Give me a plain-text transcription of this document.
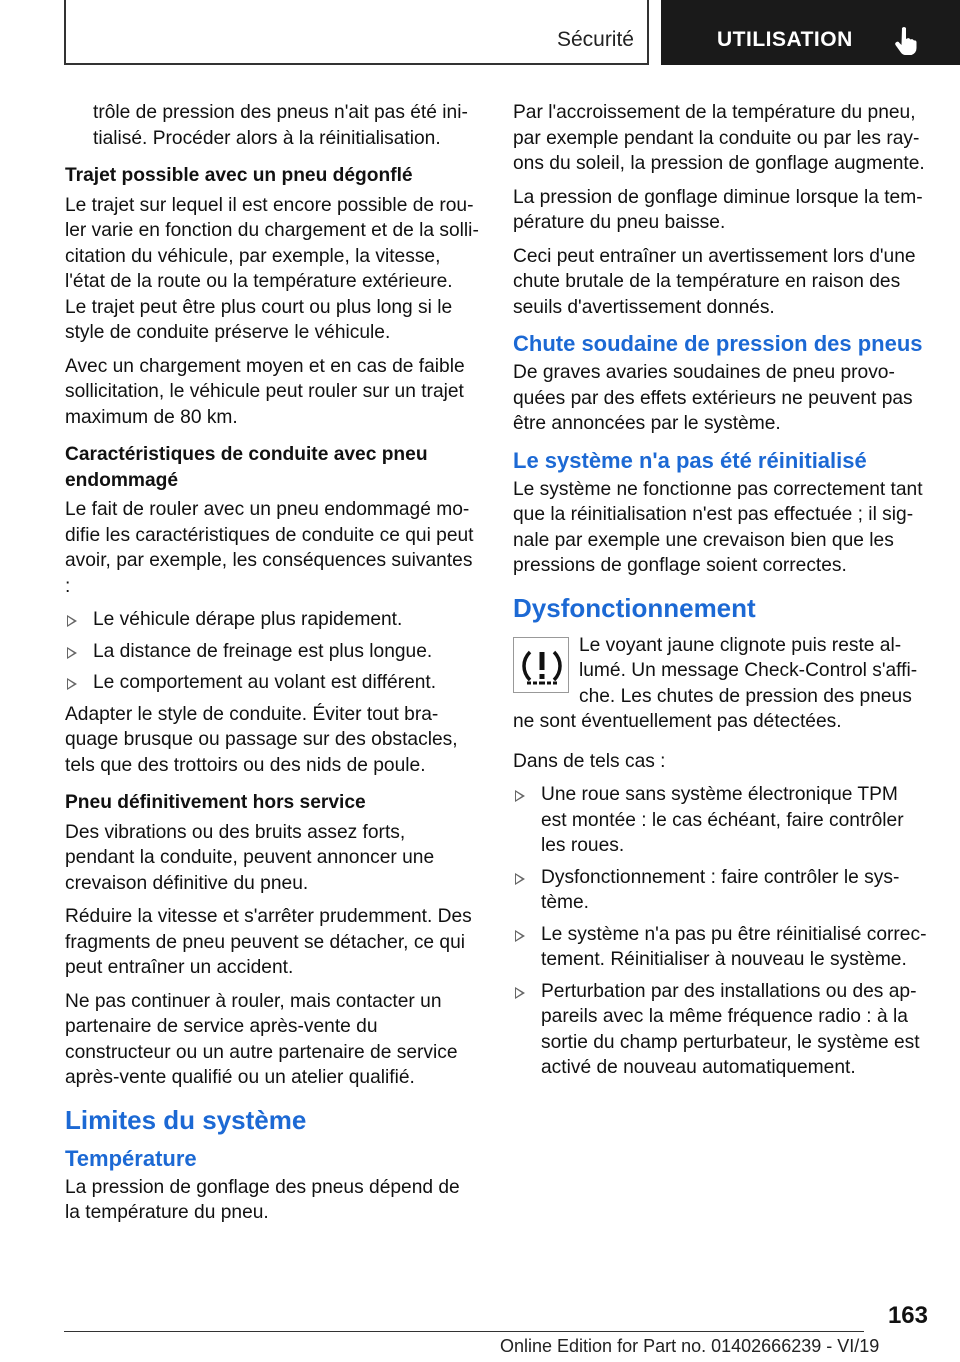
Sécurité	UTILISATION

trôle de pression des pneus n'ait pas été initialisé. Procéder alors à la réinitialisation.

Trajet possible avec un pneu dégonflé

Le trajet sur lequel il est encore possible de rouler varie en fonction du chargement et de la sollicitation du véhicule, par exemple, la vitesse, l'état de la route ou la température extérieure. Le trajet peut être plus court ou plus long si le style de conduite préserve le véhicule.

Avec un chargement moyen et en cas de faible sollicitation, le véhicule peut rouler sur un trajet maximum de 80 km.

Caractéristiques de conduite avec pneu endommagé

Le fait de rouler avec un pneu endommagé modifie les caractéristiques de conduite ce qui peut avoir, par exemple, les conséquences suivantes :

Le véhicule dérape plus rapidement.
La distance de freinage est plus longue.
Le comportement au volant est différent.

Adapter le style de conduite. Éviter tout braquage brusque ou passage sur des obstacles, tels que des trottoirs ou des nids de poule.

Pneu définitivement hors service

Des vibrations ou des bruits assez forts, pendant la conduite, peuvent annoncer une crevaison définitive du pneu.

Réduire la vitesse et s'arrêter prudemment. Des fragments de pneu peuvent se détacher, ce qui peut entraîner un accident.

Ne pas continuer à rouler, mais contacter un partenaire de service après-vente du constructeur ou un autre partenaire de service après-vente qualifié ou un atelier qualifié.

Limites du système

Température

La pression de gonflage des pneus dépend de la température du pneu.

Par l'accroissement de la température du pneu, par exemple pendant la conduite ou par les rayons du soleil, la pression de gonflage augmente.

La pression de gonflage diminue lorsque la température du pneu baisse.

Ceci peut entraîner un avertissement lors d'une chute brutale de la température en raison des seuils d'avertissement donnés.

Chute soudaine de pression des pneus

De graves avaries soudaines de pneu provoquées par des effets extérieurs ne peuvent pas être annoncées par le système.

Le système n'a pas été réinitialisé

Le système ne fonctionne pas correctement tant que la réinitialisation n'est pas effectuée ; il signale par exemple une crevaison bien que les pressions de gonflage soient correctes.

Dysfonctionnement

Le voyant jaune clignote puis reste allumé. Un message Check-Control s'affiche. Les chutes de pression des pneus ne sont éventuellement pas détectées.

Dans de tels cas :

Une roue sans système électronique TPM est montée : le cas échéant, faire contrôler les roues.
Dysfonctionnement : faire contrôler le système.
Le système n'a pas pu être réinitialisé correctement. Réinitialiser à nouveau le système.
Perturbation par des installations ou des appareils avec la même fréquence radio : à la sortie du champ perturbateur, le système est activé de nouveau automatiquement.
163
Online Edition for Part no. 01402666239 - VI/19
